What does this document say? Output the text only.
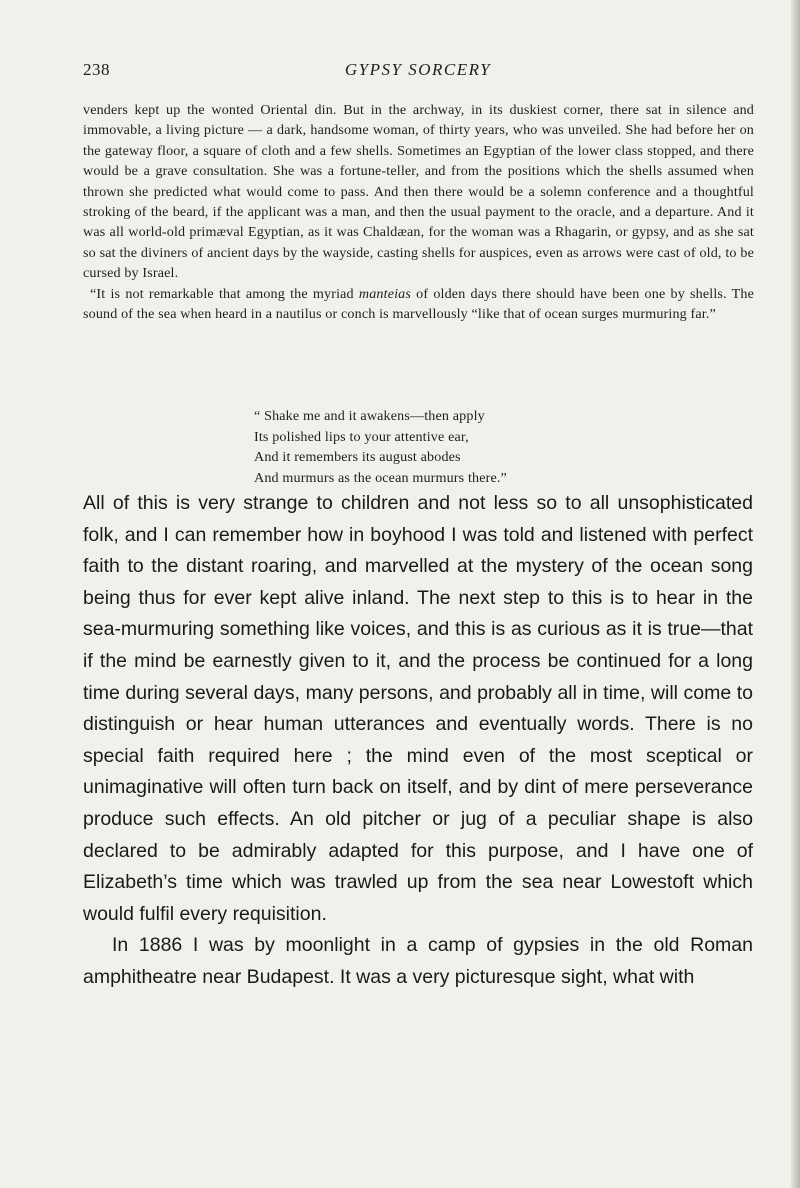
238	GYPSY SORCERY

venders kept up the wonted Oriental din. But in the archway, in its duskiest corner, there sat in silence and immovable, a living picture — a dark, handsome woman, of thirty years, who was unveiled. She had before her on the gateway floor, a square of cloth and a few shells. Sometimes an Egyptian of the lower class stopped, and there would be a grave consultation. She was a fortune-teller, and from the positions which the shells assumed when thrown she predicted what would come to pass. And then there would be a solemn conference and a thoughtful stroking of the beard, if the applicant was a man, and then the usual payment to the oracle, and a departure. And it was all world-old primæval Egyptian, as it was Chaldæan, for the woman was a Rhagarin, or gypsy, and as she sat so sat the diviners of ancient days by the wayside, casting shells for auspices, even as arrows were cast of old, to be cursed by Israel.

“It is not remarkable that among the myriad manteias of olden days there should have been one by shells. The sound of the sea when heard in a nautilus or conch is marvellously “like that of ocean surges murmuring far.”

“ Shake me and it awakens—then apply
Its polished lips to your attentive ear,
And it remembers its august abodes
And murmurs as the ocean murmurs there.”

All of this is very strange to children and not less so to all unsophisticated folk, and I can remember how in boyhood I was told and listened with perfect faith to the distant roaring, and marvelled at the mystery of the ocean song being thus for ever kept alive inland. The next step to this is to hear in the sea-murmuring something like voices, and this is as curious as it is true—that if the mind be earnestly given to it, and the process be continued for a long time during several days, many persons, and probably all in time, will come to distinguish or hear human utterances and eventually words. There is no special faith required here ; the mind even of the most sceptical or unimaginative will often turn back on itself, and by dint of mere perseverance produce such effects. An old pitcher or jug of a peculiar shape is also declared to be admirably adapted for this purpose, and I have one of Elizabeth’s time which was trawled up from the sea near Lowestoft which would fulfil every requisition.

In 1886 I was by moonlight in a camp of gypsies in the old Roman amphitheatre near Budapest. It was a very picturesque sight, what with
